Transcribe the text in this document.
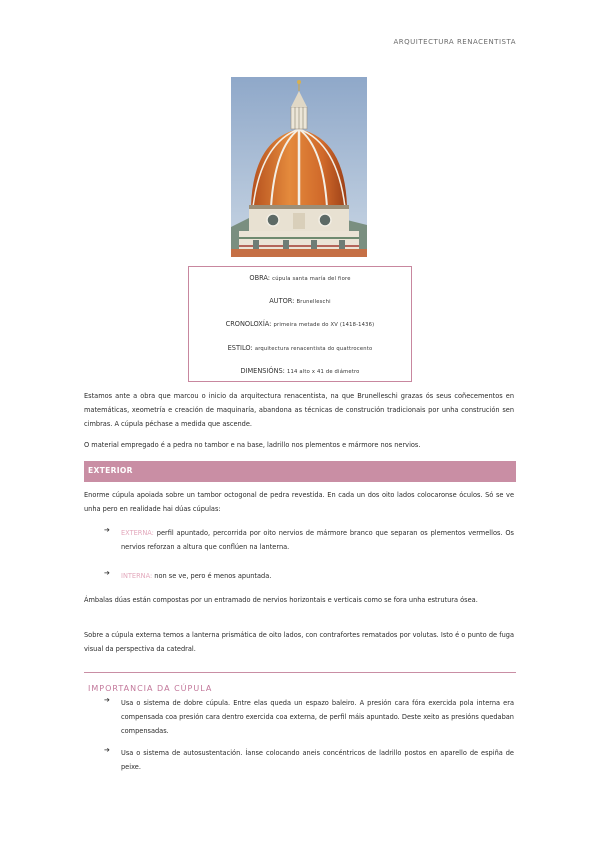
ARQUITECTURA RENACENTISTA
OBRA: cúpula santa maría del fiore
AUTOR: Brunelleschi
CRONOLOXÍA: primeira metade do XV (1418-1436)
ESTILO: arquitectura renacentista do quattrocento
DIMENSIÓNS: 114 alto x 41 de diámetro
Estamos ante a obra que marcou o inicio da arquitectura renacentista, na que Brunelleschi grazas ós seus coñecementos en matemáticas, xeometría e creación de maquinaría, abandona as técnicas de construción tradicionais por unha construción sen cimbras. A cúpula péchase a medida que ascende.
O material empregado é a pedra no tambor e na base, ladrillo nos plementos e mármore nos nervios.
EXTERIOR
Enorme cúpula apoiada sobre un tambor octogonal de pedra revestida. En cada un dos oito lados colocaronse óculos. Só se ve unha pero en realidade hai dúas cúpulas:
➔ EXTERNA: perfil apuntado, percorrida por oito nervios de mármore branco que separan os plementos vermellos. Os nervios reforzan a altura que conflúen na lanterna.
➔ INTERNA: non se ve, pero é menos apuntada.
Ámbalas dúas están compostas por un entramado de nervios horizontais e verticais como se fora unha estrutura ósea.
Sobre a cúpula externa temos a lanterna prismática de oito lados, con contrafortes rematados por volutas. Isto é o punto de fuga visual da perspectiva da catedral.
IMPORTANCIA DA CÚPULA
➔ Usa o sistema de dobre cúpula. Entre elas queda un espazo baleiro. A presión cara fóra exercida pola interna era compensada coa presión cara dentro exercida coa externa, de perfil máis apuntado. Deste xeito as presións quedaban compensadas.
➔ Usa o sistema de autosustentación. Íanse colocando aneis concéntricos de ladrillo postos en aparello de espiña de peixe.
